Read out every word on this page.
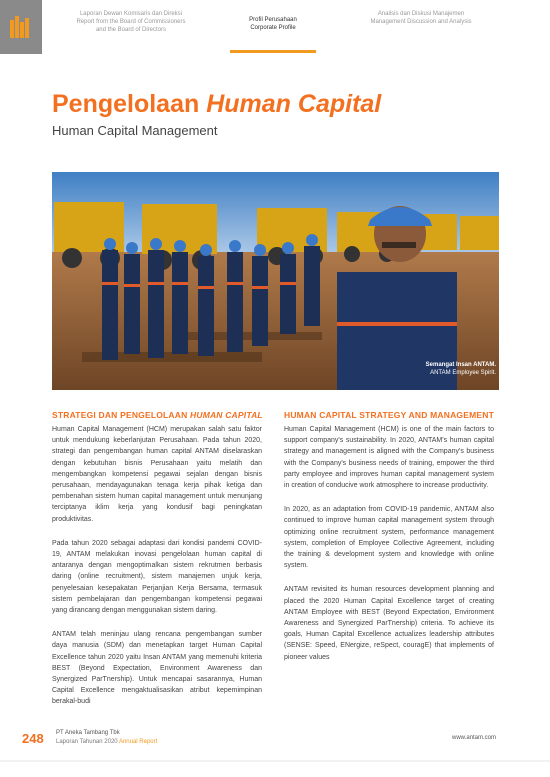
Laporan Dewan Komisaris dan Direksi
Report from the Board of Commissioners
and the Board of Directors
Profil Perusahaan
Corporate Profile
Analisis dan Diskusi Manajemen
Management Discussion and Analysis
Pengelolaan Human Capital
Human Capital Management
Semangat Insan ANTAM.
ANTAM Employee Spirit.
STRATEGI DAN PENGELOLAAN HUMAN CAPITAL

Human Capital Management (HCM) merupakan salah satu faktor untuk mendukung keberlanjutan Perusahaan. Pada tahun 2020, strategi dan pengembangan human capital ANTAM diselaraskan dengan kebutuhan bisnis Perusahaan yaitu melatih dan mengembangkan kompetensi pegawai sejalan dengan bisnis perusahaan, mendayagunakan tenaga kerja pihak ketiga dan pembenahan sistem human capital management untuk menunjang terciptanya iklim kerja yang kondusif bagi peningkatan produktivitas.

Pada tahun 2020 sebagai adaptasi dari kondisi pandemi COVID-19, ANTAM melakukan inovasi pengelolaan human capital di antaranya dengan mengoptimalkan sistem rekrutmen berbasis daring (online recruitment), sistem manajemen unjuk kerja, penyelesaian kesepakatan Perjanjian Kerja Bersama, termasuk sistem pembelajaran dan pengembangan kompetensi pegawai yang dirancang dengan menggunakan sistem daring.

ANTAM telah meninjau ulang rencana pengembangan sumber daya manusia (SDM) dan menetapkan target Human Capital Excellence tahun 2020 yaitu Insan ANTAM yang memenuhi kriteria BEST (Beyond Expectation, Environment Awareness dan Synergized ParTnership). Untuk mencapai sasarannya, Human Capital Excellence mengaktualisasikan atribut kepemimpinan berakal-budi

HUMAN CAPITAL STRATEGY AND MANAGEMENT

Human Capital Management (HCM) is one of the main factors to support company's sustainability. In 2020, ANTAM's human capital strategy and management is aligned with the Company's business with the Company's business needs of training, empower the third party employee and improves human capital management system in creation of conducive work atmosphere to increase productivity.

In 2020, as an adaptation from COVID-19 pandemic, ANTAM also continued to improve human capital management system through optimizing online recruitment system, performance management system, completion of Employee Collective Agreement, including the training & development system and knowledge with online system.

ANTAM revisited its human resources development planning and placed the 2020 Human Capital Excellence target of creating ANTAM Employee with BEST (Beyond Expectation, Environment Awareness and Synergized ParTnership) criteria. To achieve its goals, Human Capital Excellence actualizes leadership attributes (SENSE: Speed, ENergize, reSpect, couragE) that implements of pioneer values

248 PT Aneka Tambang Tbk
Laporan Tahunan 2020 Annual Report
www.antam.com
